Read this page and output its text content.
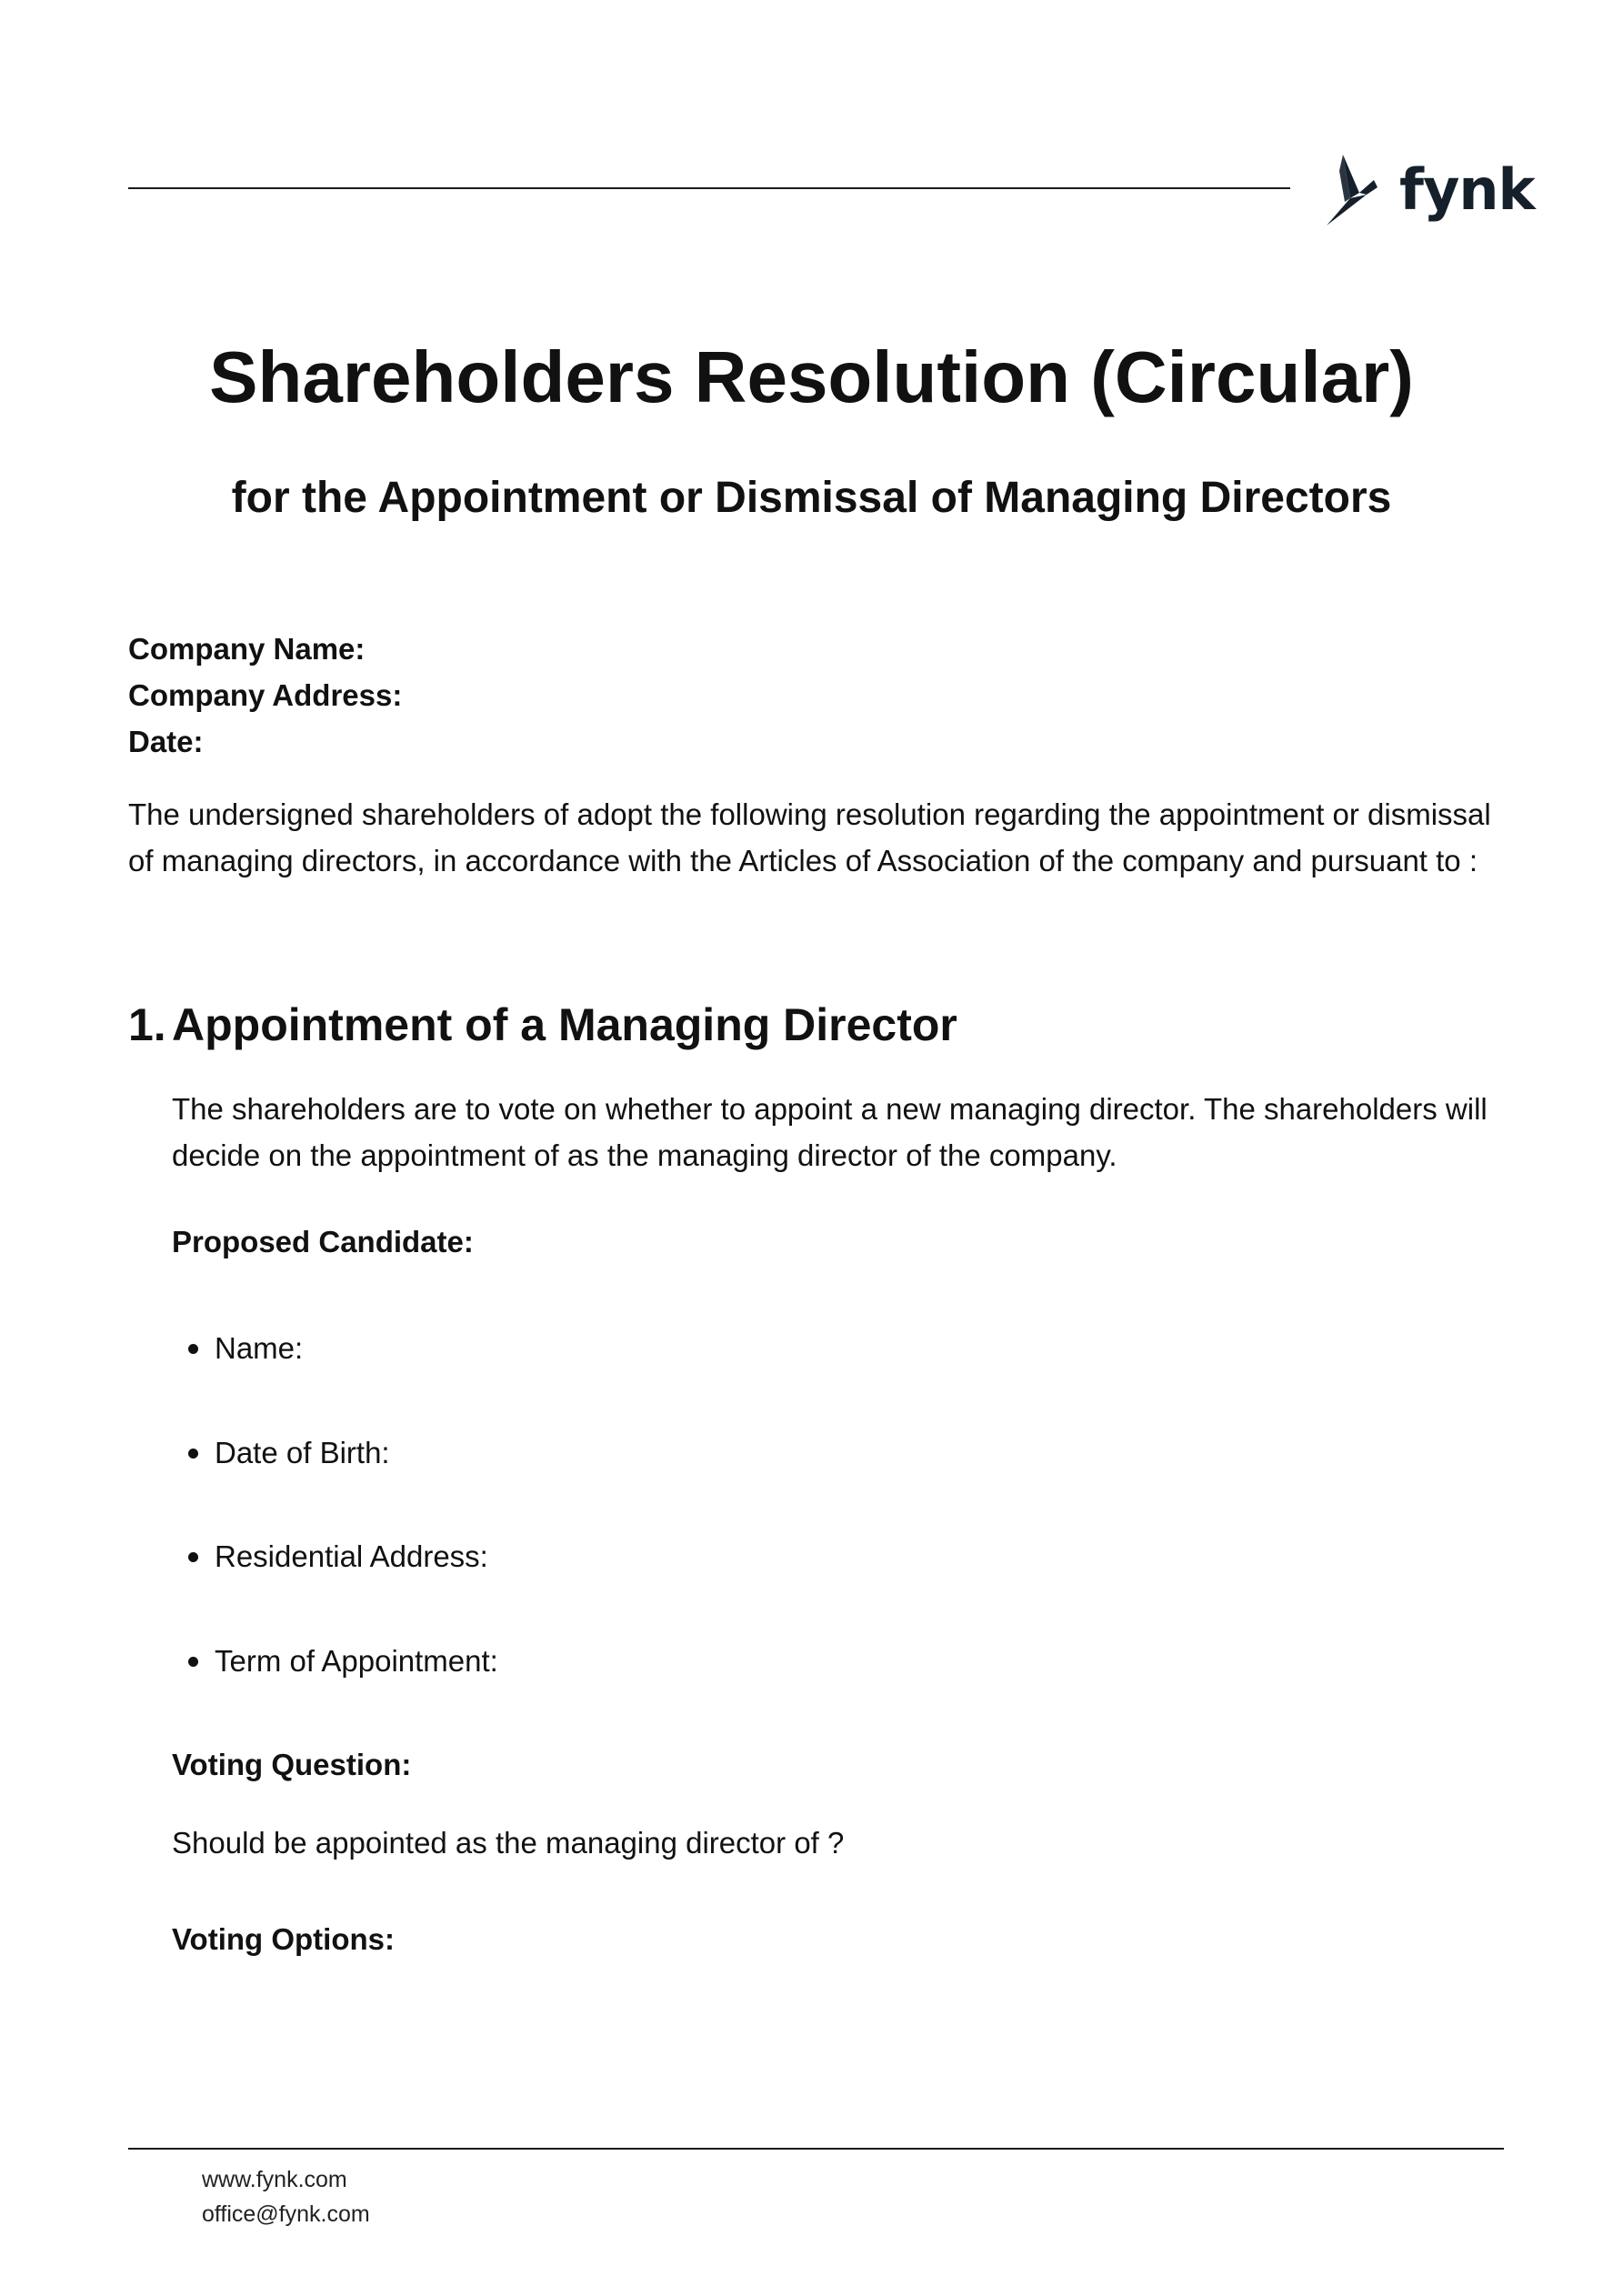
fynk
Shareholders Resolution (Circular)
for the Appointment or Dismissal of Managing Directors
Company Name:
Company Address:
Date:
The undersigned shareholders of adopt the following resolution regarding the appointment or dismissal of managing directors, in accordance with the Articles of Association of the company and pursuant to :
1. Appointment of a Managing Director
The shareholders are to vote on whether to appoint a new managing director. The shareholders will decide on the appointment of as the managing director of the company.
Proposed Candidate:
Name:
Date of Birth:
Residential Address:
Term of Appointment:
Voting Question:
Should be appointed as the managing director of ?
Voting Options:
www.fynk.com
office@fynk.com
